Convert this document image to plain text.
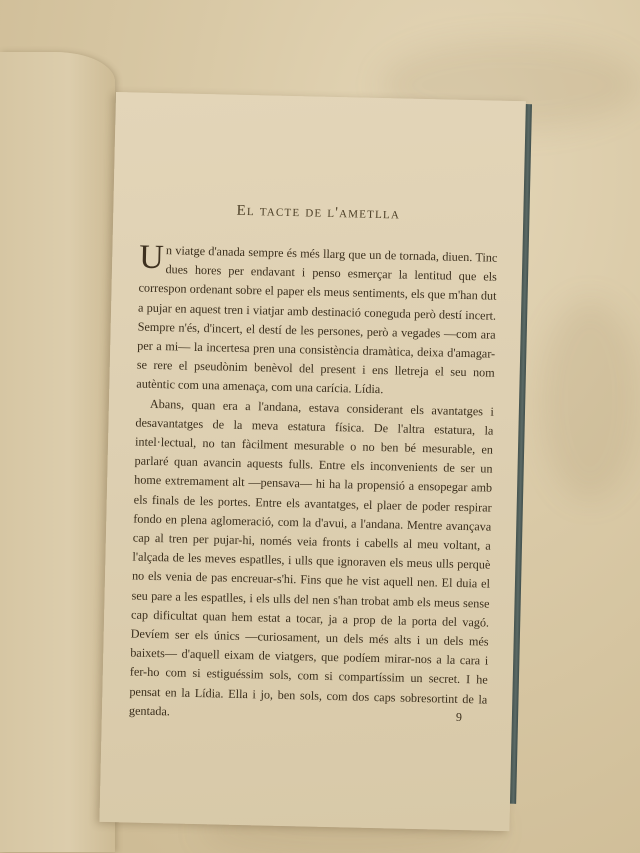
El tacte de l'ametlla

Un viatge d'anada sempre és més llarg que un de tornada, diuen. Tinc dues hores per endavant i penso esmerçar la lentitud que els correspon ordenant sobre el paper els meus sentiments, els que m'han dut a pujar en aquest tren i viatjar amb destinació coneguda però destí incert. Sempre n'és, d'incert, el destí de les persones, però a vegades —com ara per a mi— la incertesa pren una consistència dramàtica, deixa d'amagar-se rere el pseudònim benèvol del present i ens lletreja el seu nom autèntic com una amenaça, com una carícia. Lídia.

Abans, quan era a l'andana, estava considerant els avantatges i desavantatges de la meva estatura física. De l'altra estatura, la intel·lectual, no tan fàcilment mesurable o no ben bé mesurable, en parlaré quan avancin aquests fulls. Entre els inconvenients de ser un home extremament alt —pensava— hi ha la propensió a ensopegar amb els finals de les portes. Entre els avantatges, el plaer de poder respirar fondo en plena aglomeració, com la d'avui, a l'andana. Mentre avançava cap al tren per pujar-hi, només veia fronts i cabells al meu voltant, a l'alçada de les meves espatlles, i ulls que ignoraven els meus ulls perquè no els venia de pas encreuar-s'hi. Fins que he vist aquell nen. El duia el seu pare a les espatlles, i els ulls del nen s'han trobat amb els meus sense cap dificultat quan hem estat a tocar, ja a prop de la porta del vagó. Devíem ser els únics —curiosament, un dels més alts i un dels més baixets— d'aquell eixam de viatgers, que podíem mirar-nos a la cara i fer-ho com si estiguéssim sols, com si compartíssim un secret. I he pensat en la Lídia. Ella i jo, ben sols, com dos caps sobresortint de la gentada.	9
